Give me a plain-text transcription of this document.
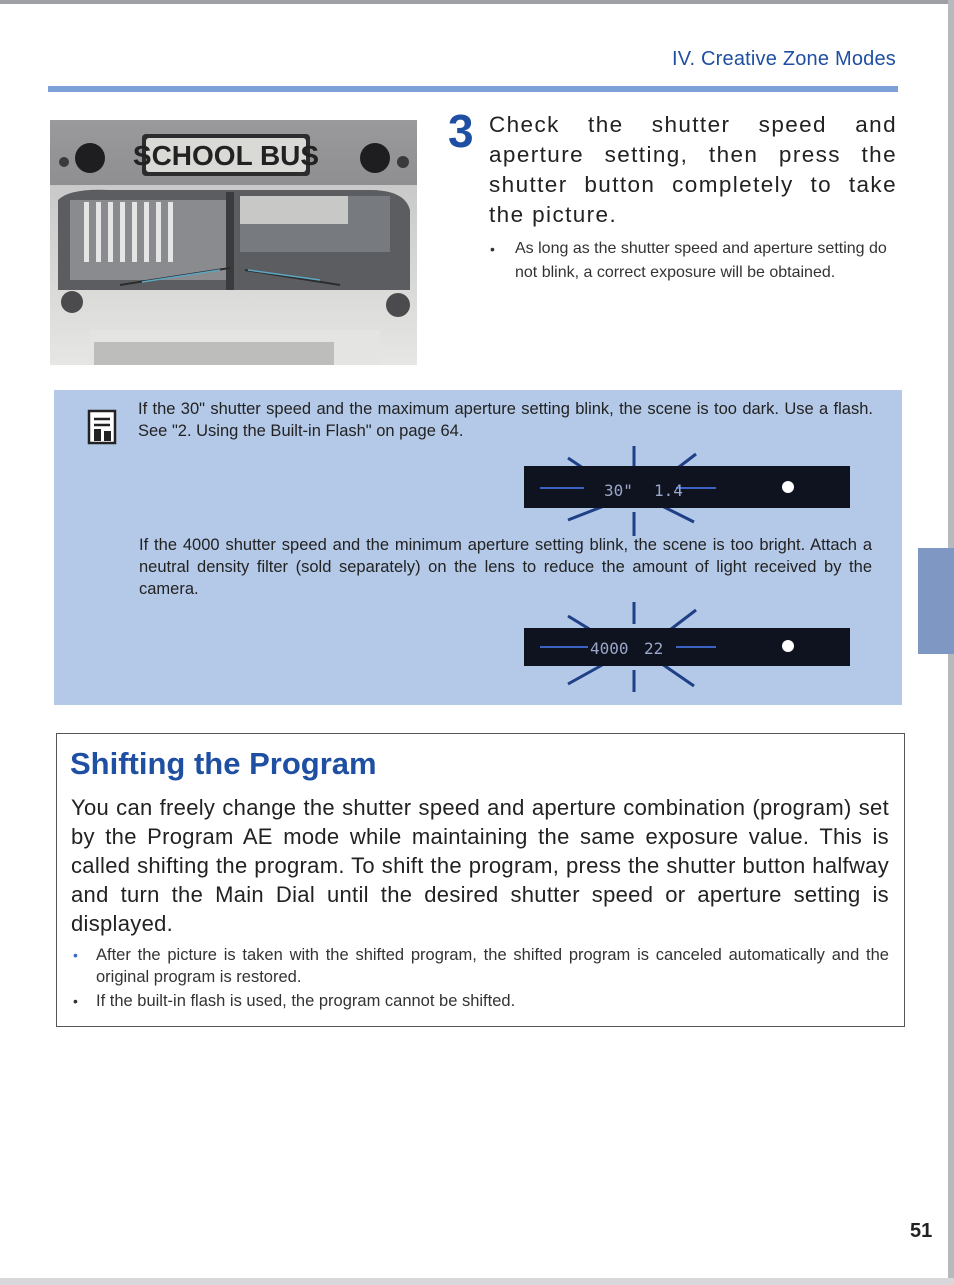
IV. Creative Zone Modes
SCHOOL BUS	3 Check the shutter speed and aperture setting, then press the shutter button completely to take the picture.
• As long as the shutter speed and aperture setting do not blink, a correct exposure will be obtained.
If the 30" shutter speed and the maximum aperture setting blink, the scene is too dark. Use a flash. See "2. Using the Built-in Flash" on page 64.
30" 1.4
If the 4000 shutter speed and the minimum aperture setting blink, the scene is too bright. Attach a neutral density filter (sold separately) on the lens to reduce the amount of light received by the camera.
4000 22
Shifting the Program
You can freely change the shutter speed and aperture combination (program) set by the Program AE mode while maintaining the same exposure value. This is called shifting the program. To shift the program, press the shutter button halfway and turn the Main Dial until the desired shutter speed or aperture setting is displayed.
• After the picture is taken with the shifted program, the shifted program is canceled automatically and the original program is restored.
• If the built-in flash is used, the program cannot be shifted.
51
